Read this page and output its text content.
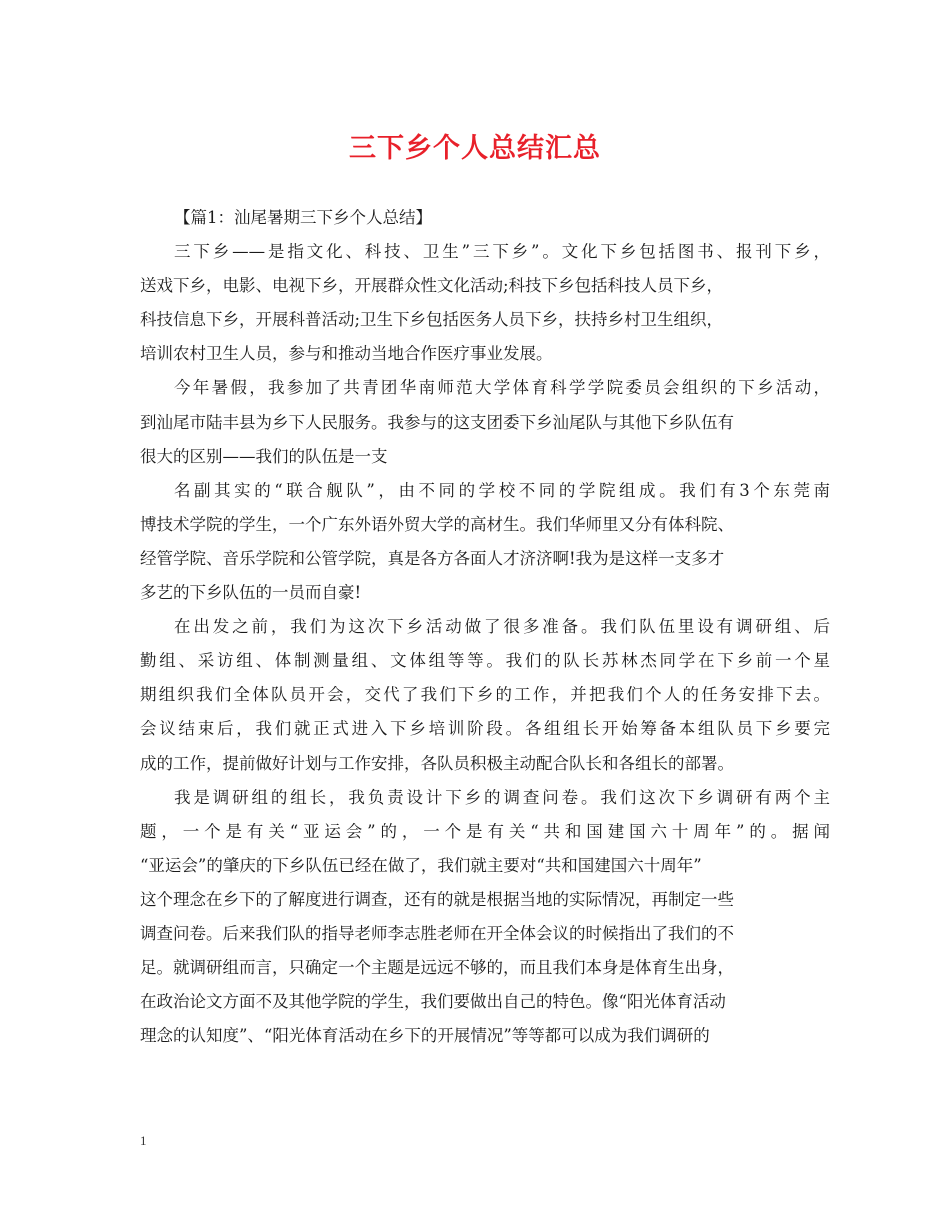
三下乡个人总结汇总
【篇1：汕尾暑期三下乡个人总结】
三下乡——是指文化、科技、卫生”三下乡”。文化下乡包括图书、报刊下乡，
送戏下乡，电影、电视下乡，开展群众性文化活动;科技下乡包括科技人员下乡，
科技信息下乡，开展科普活动;卫生下乡包括医务人员下乡，扶持乡村卫生组织，
培训农村卫生人员，参与和推动当地合作医疗事业发展。
今年暑假，我参加了共青团华南师范大学体育科学学院委员会组织的下乡活动，
到汕尾市陆丰县为乡下人民服务。我参与的这支团委下乡汕尾队与其他下乡队伍有
很大的区别——我们的队伍是一支
名副其实的“联合舰队”，由不同的学校不同的学院组成。我们有3个东莞南
博技术学院的学生，一个广东外语外贸大学的高材生。我们华师里又分有体科院、
经管学院、音乐学院和公管学院，真是各方各面人才济济啊!我为是这样一支多才
多艺的下乡队伍的一员而自豪!
在出发之前，我们为这次下乡活动做了很多准备。我们队伍里设有调研组、后
勤组、采访组、体制测量组、文体组等等。我们的队长苏林杰同学在下乡前一个星
期组织我们全体队员开会，交代了我们下乡的工作，并把我们个人的任务安排下去。
会议结束后，我们就正式进入下乡培训阶段。各组组长开始筹备本组队员下乡要完
成的工作，提前做好计划与工作安排，各队员积极主动配合队长和各组长的部署。
我是调研组的组长，我负责设计下乡的调查问卷。我们这次下乡调研有两个主
题，一个是有关“亚运会”的，一个是有关“共和国建国六十周年”的。据闻
“亚运会”的肇庆的下乡队伍已经在做了，我们就主要对“共和国建国六十周年”
这个理念在乡下的了解度进行调查，还有的就是根据当地的实际情况，再制定一些
调查问卷。后来我们队的指导老师李志胜老师在开全体会议的时候指出了我们的不
足。就调研组而言，只确定一个主题是远远不够的，而且我们本身是体育生出身，
在政治论文方面不及其他学院的学生，我们要做出自己的特色。像“阳光体育活动
理念的认知度”、“阳光体育活动在乡下的开展情况”等等都可以成为我们调研的
1
